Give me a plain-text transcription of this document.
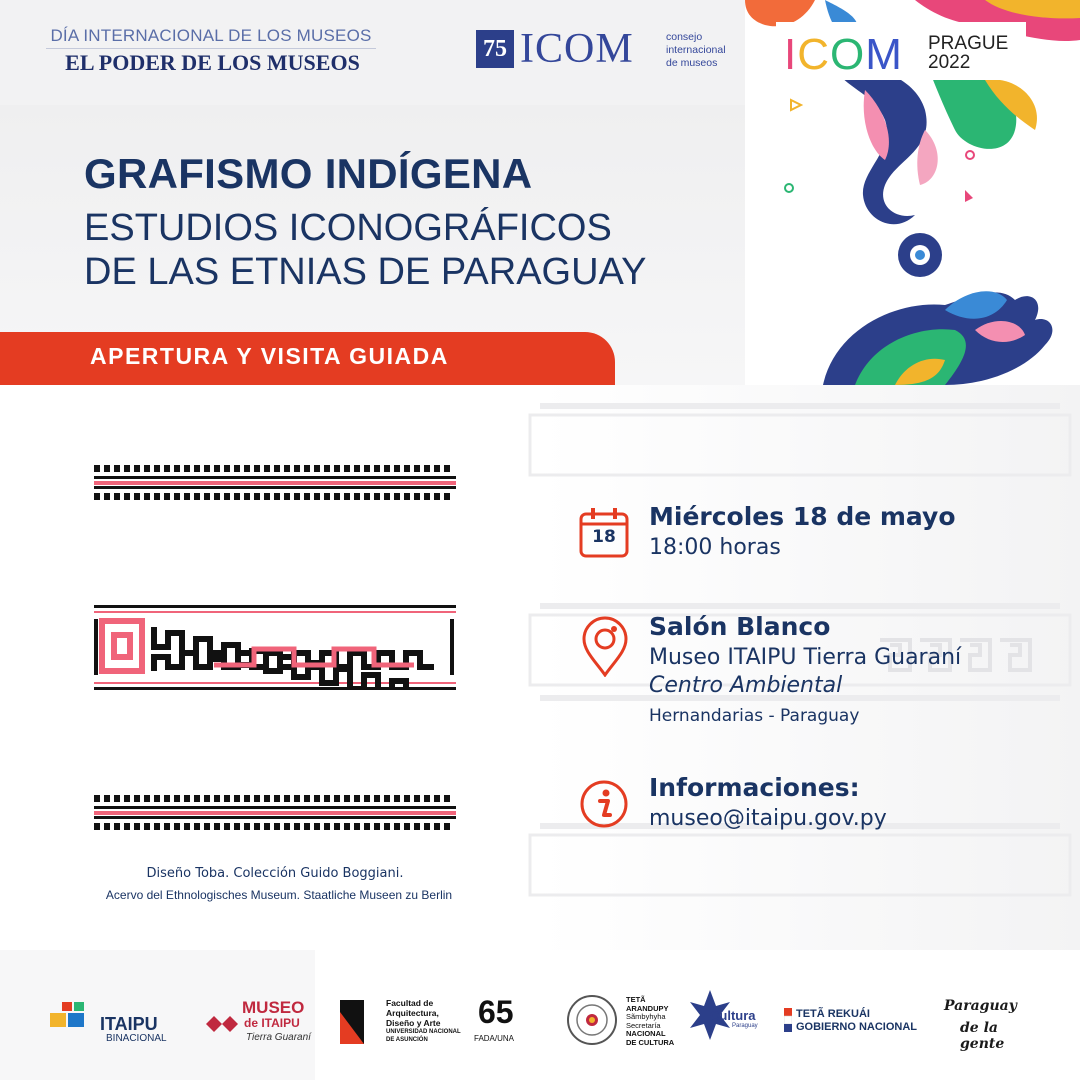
DÍA INTERNACIONAL DE LOS MUSEOS
EL PODER DE LOS MUSEOS
75 ICOM	consejo
internacional
de museos ICOM PRAGUE
2022
GRAFISMO INDÍGENA
ESTUDIOS ICONOGRÁFICOS
DE LAS ETNIAS DE PARAGUAY
APERTURA Y VISITA GUIADA
Diseño Toba. Colección Guido Boggiani.
Acervo del Ethnologisches Museum. Staatliche Museen zu Berlin
18
Miércoles 18 de mayo
18:00 horas
Salón Blanco
Museo ITAIPU Tierra Guaraní
Centro Ambiental
Hernandarias - Paraguay
Informaciones:
museo@itaipu.gov.py
ITAIPU
BINACIONAL
MUSEO
de ITAIPU
Tierra Guaraní
Facultad de
Arquitectura,
Diseño y Arte
UNIVERSIDAD NACIONAL
DE ASUNCIÓN
65
FADA/UNA
TETÃ
ARANDUPY
Sãmbyhyha
Secretaría
NACIONAL
DE CULTURA
Cultura
Paraguay
TETÃ REKUÁI
GOBIERNO NACIONAL
Paraguay
de la gente
